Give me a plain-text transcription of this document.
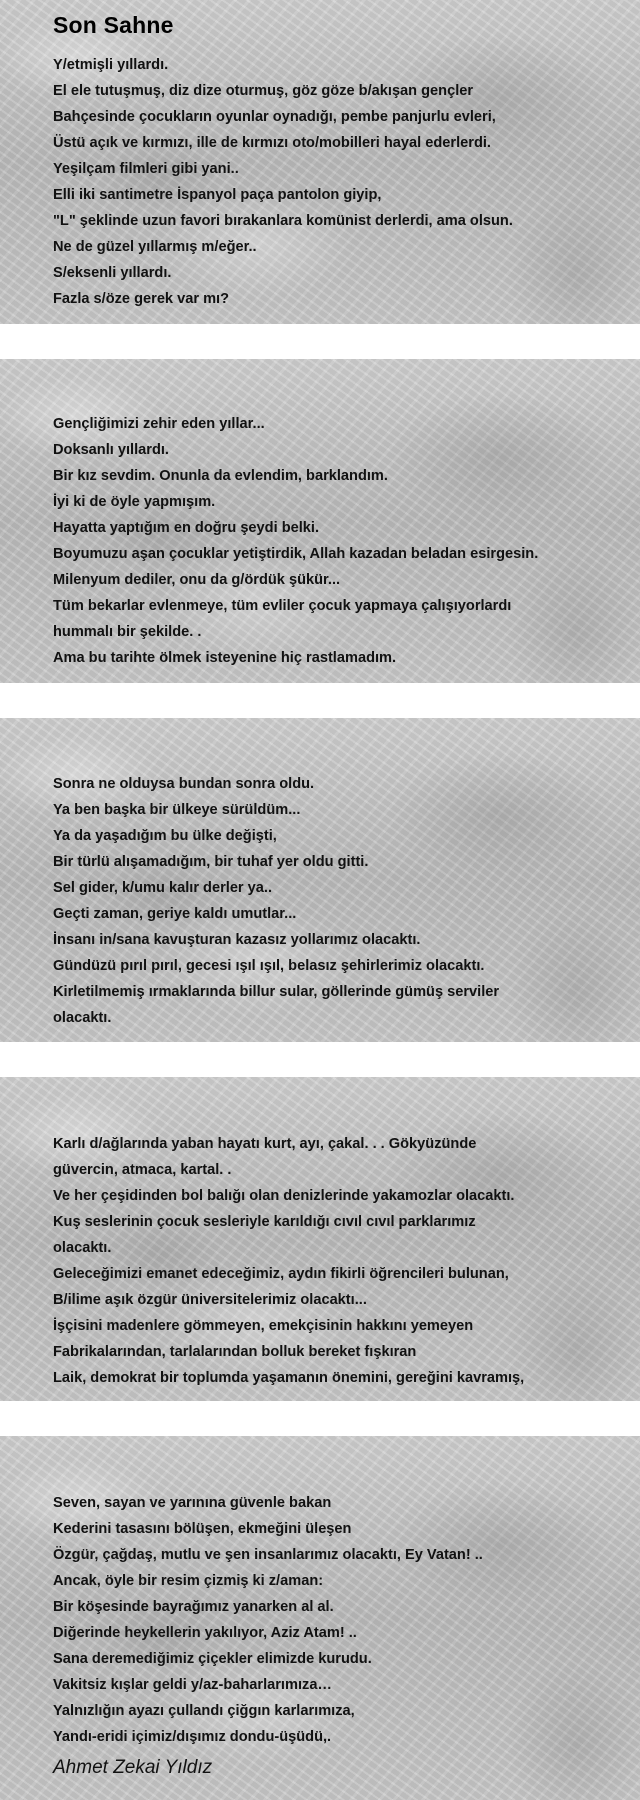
Son Sahne
Y/etmişli yıllardı.
El ele tutuşmuş, diz dize oturmuş, göz göze b/akışan gençler
Bahçesinde çocukların oyunlar oynadığı, pembe panjurlu evleri,
Üstü açık ve kırmızı, ille de kırmızı oto/mobilleri hayal ederlerdi.
Yeşilçam filmleri gibi yani..
Elli iki santimetre İspanyol paça pantolon giyip,
"L" şeklinde uzun favori bırakanlara komünist derlerdi, ama olsun.
Ne de güzel yıllarmış m/eğer..
S/eksenli yıllardı.
Fazla s/öze gerek var mı?
Gençliğimizi zehir eden yıllar...
Doksanlı yıllardı.
Bir kız sevdim. Onunla da evlendim, barklandım.
İyi ki de öyle yapmışım.
Hayatta yaptığım en doğru şeydi belki.
Boyumuzu aşan çocuklar yetiştirdik, Allah kazadan beladan esirgesin.
Milenyum dediler, onu da g/ördük şükür...
Tüm bekarlar evlenmeye, tüm evliler çocuk yapmaya çalışıyorlardı
hummalı bir şekilde. .
Ama bu tarihte ölmek isteyenine hiç rastlamadım.
Sonra ne olduysa bundan sonra oldu.
Ya ben başka bir ülkeye sürüldüm...
Ya da yaşadığım bu ülke değişti,
Bir türlü alışamadığım, bir tuhaf yer oldu gitti.
Sel gider, k/umu kalır derler ya..
Geçti zaman, geriye kaldı umutlar...
İnsanı in/sana kavuşturan kazasız yollarımız olacaktı.
Gündüzü pırıl pırıl, gecesi ışıl ışıl, belasız şehirlerimiz olacaktı.
Kirletilmemiş ırmaklarında billur sular, göllerinde gümüş serviler
olacaktı.
Karlı d/ağlarında yaban hayatı kurt, ayı, çakal. . . Gökyüzünde
güvercin, atmaca, kartal. .
Ve her çeşidinden bol balığı olan denizlerinde yakamozlar olacaktı.
Kuş seslerinin çocuk sesleriyle karıldığı cıvıl cıvıl parklarımız
olacaktı.
Geleceğimizi emanet edeceğimiz, aydın fikirli öğrencileri bulunan,
B/ilime aşık özgür üniversitelerimiz olacaktı...
İşçisini madenlere gömmeyen, emekçisinin hakkını yemeyen
Fabrikalarından, tarlalarından bolluk bereket fışkıran
Laik, demokrat bir toplumda yaşamanın önemini, gereğini kavramış,
Seven, sayan ve yarınına güvenle bakan
Kederini tasasını bölüşen, ekmeğini üleşen
Özgür, çağdaş, mutlu ve şen insanlarımız olacaktı, Ey Vatan! ..
Ancak, öyle bir resim çizmiş ki z/aman:
Bir köşesinde bayrağımız yanarken al al.
Diğerinde heykellerin yakılıyor, Aziz Atam! ..
Sana deremediğimiz çiçekler elimizde kurudu.
Vakitsiz kışlar geldi y/az-baharlarımıza…
Yalnızlığın ayazı çullandı çiğgın karlarımıza,
Yandı-eridi içimiz/dışımız dondu-üşüdü,.

Ahmet Zekai Yıldız
